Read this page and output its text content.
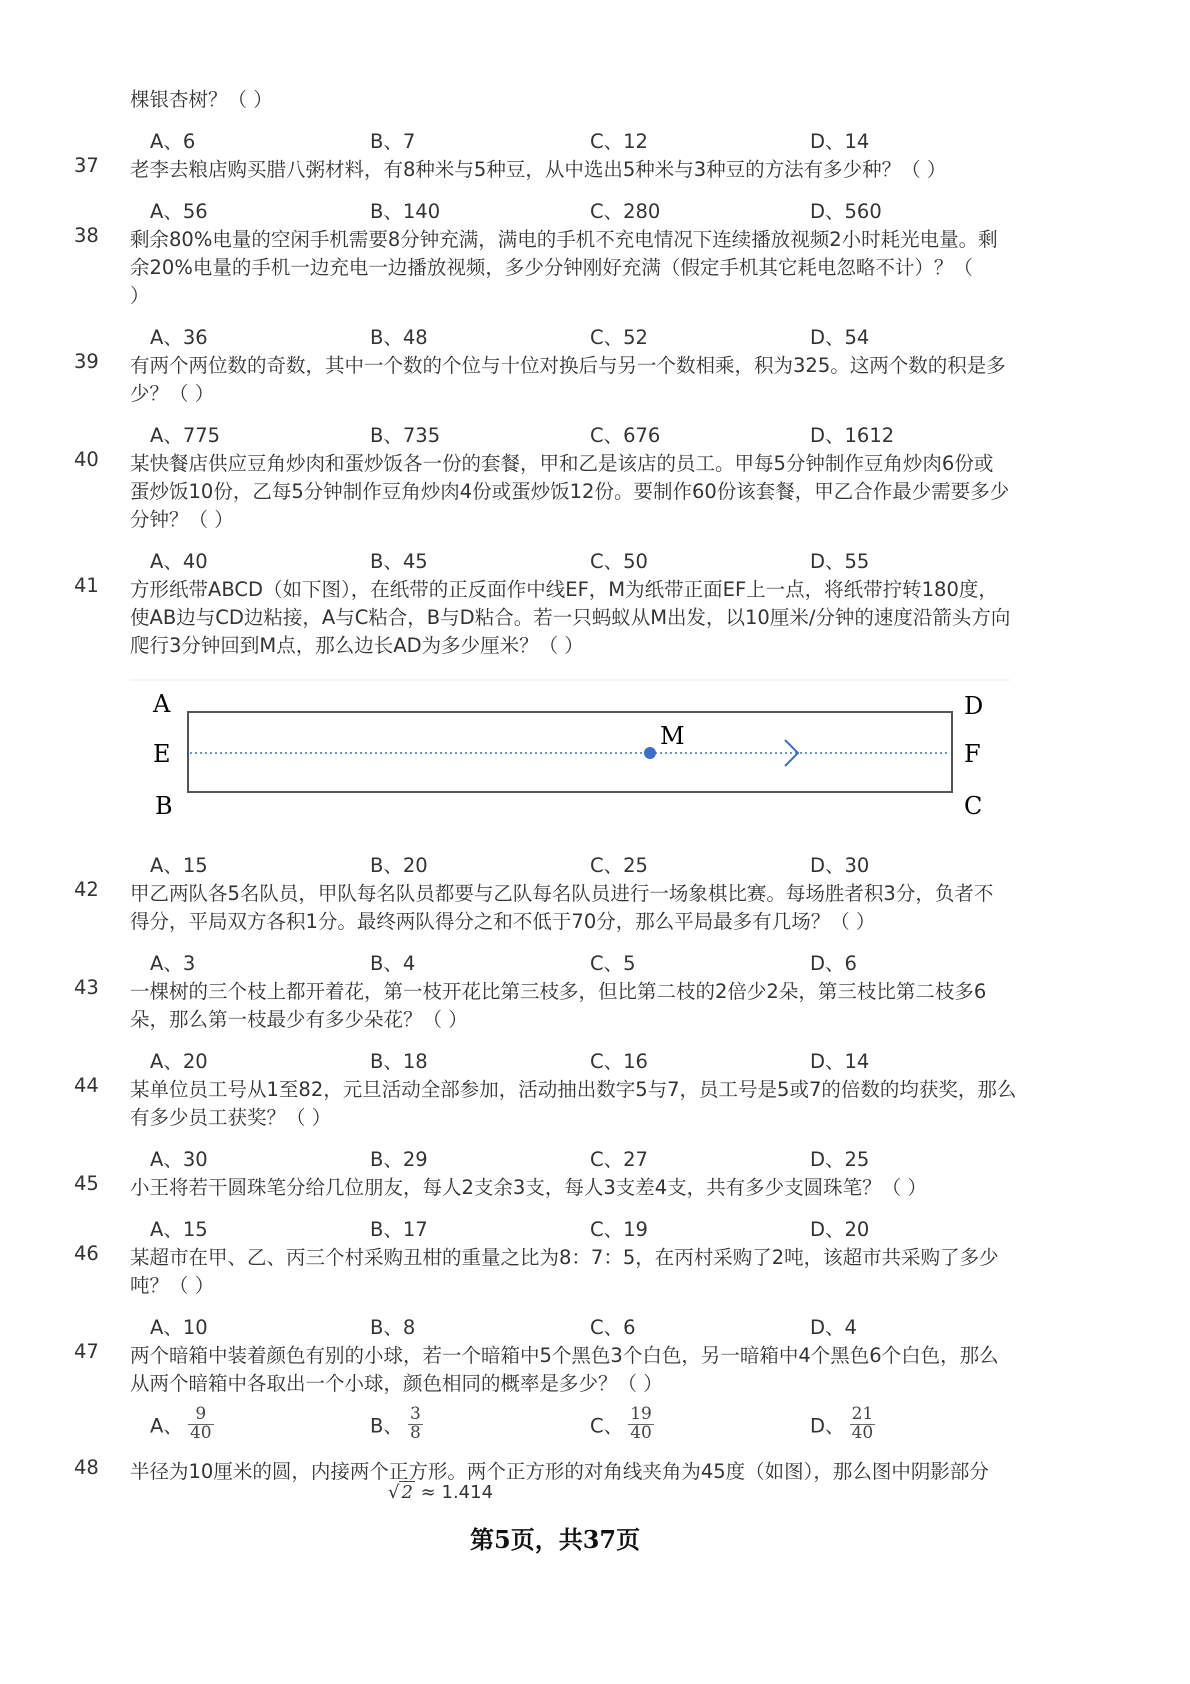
棵银杏树？（ ）
A、6	B、7	C、12	D、14
37 老李去粮店购买腊八粥材料，有8种米与5种豆，从中选出5种米与3种豆的方法有多少种？（ ）
A、56	B、140	C、280	D、560
38 剩余80%电量的空闲手机需要8分钟充满，满电的手机不充电情况下连续播放视频2小时耗光电量。剩
余20%电量的手机一边充电一边播放视频，多少分钟刚好充满（假定手机其它耗电忽略不计）？（
）
A、36	B、48	C、52	D、54
39 有两个两位数的奇数，其中一个数的个位与十位对换后与另一个数相乘，积为325。这两个数的积是多
少？（ ）
A、775	B、735	C、676	D、1612
40 某快餐店供应豆角炒肉和蛋炒饭各一份的套餐，甲和乙是该店的员工。甲每5分钟制作豆角炒肉6份或
蛋炒饭10份，乙每5分钟制作豆角炒肉4份或蛋炒饭12份。要制作60份该套餐，甲乙合作最少需要多少
分钟？（ ）
A、40	B、45	C、50	D、55
41 方形纸带ABCD（如下图），在纸带的正反面作中线EF，M为纸带正面EF上一点，将纸带拧转180度，
使AB边与CD边粘接，A与C粘合，B与D粘合。若一只蚂蚁从M出发，以10厘米/分钟的速度沿箭头方向
爬行3分钟回到M点，那么边长AD为多少厘米？（ ）
A
E
B
D
F
C
M
A、15	B、20	C、25	D、30
42 甲乙两队各5名队员，甲队每名队员都要与乙队每名队员进行一场象棋比赛。每场胜者积3分，负者不
得分，平局双方各积1分。最终两队得分之和不低于70分，那么平局最多有几场？（ ）
A、3	B、4	C、5	D、6
43 一棵树的三个枝上都开着花，第一枝开花比第三枝多，但比第二枝的2倍少2朵，第三枝比第二枝多6
朵，那么第一枝最少有多少朵花？（ ）
A、20	B、18	C、16	D、14
44 某单位员工号从1至82，元旦活动全部参加，活动抽出数字5与7，员工号是5或7的倍数的均获奖，那么
有多少员工获奖？（ ）
A、30	B、29	C、27	D、25
45 小王将若干圆珠笔分给几位朋友，每人2支余3支，每人3支差4支，共有多少支圆珠笔？（ ）
A、15	B、17	C、19	D、20
46 某超市在甲、乙、丙三个村采购丑柑的重量之比为8：7：5，在丙村采购了2吨，该超市共采购了多少
吨？（ ）
A、10	B、8	C、6	D、4
47 两个暗箱中装着颜色有别的小球，若一个暗箱中5个黑色3个白色，另一暗箱中4个黑色6个白色，那么
从两个暗箱中各取出一个小球，颜色相同的概率是多少？（ ）
A、 $\frac{9}{40}$	B、 $\frac{3}{8}$	C、 $\frac{19}{40}$	D、 $\frac{21}{40}$
48 半径为10厘米的圆，内接两个正方形。两个正方形的对角线夹角为45度（如图），那么图中阴影部分
√ 2 ≈ 1.414
第5页，共37页
